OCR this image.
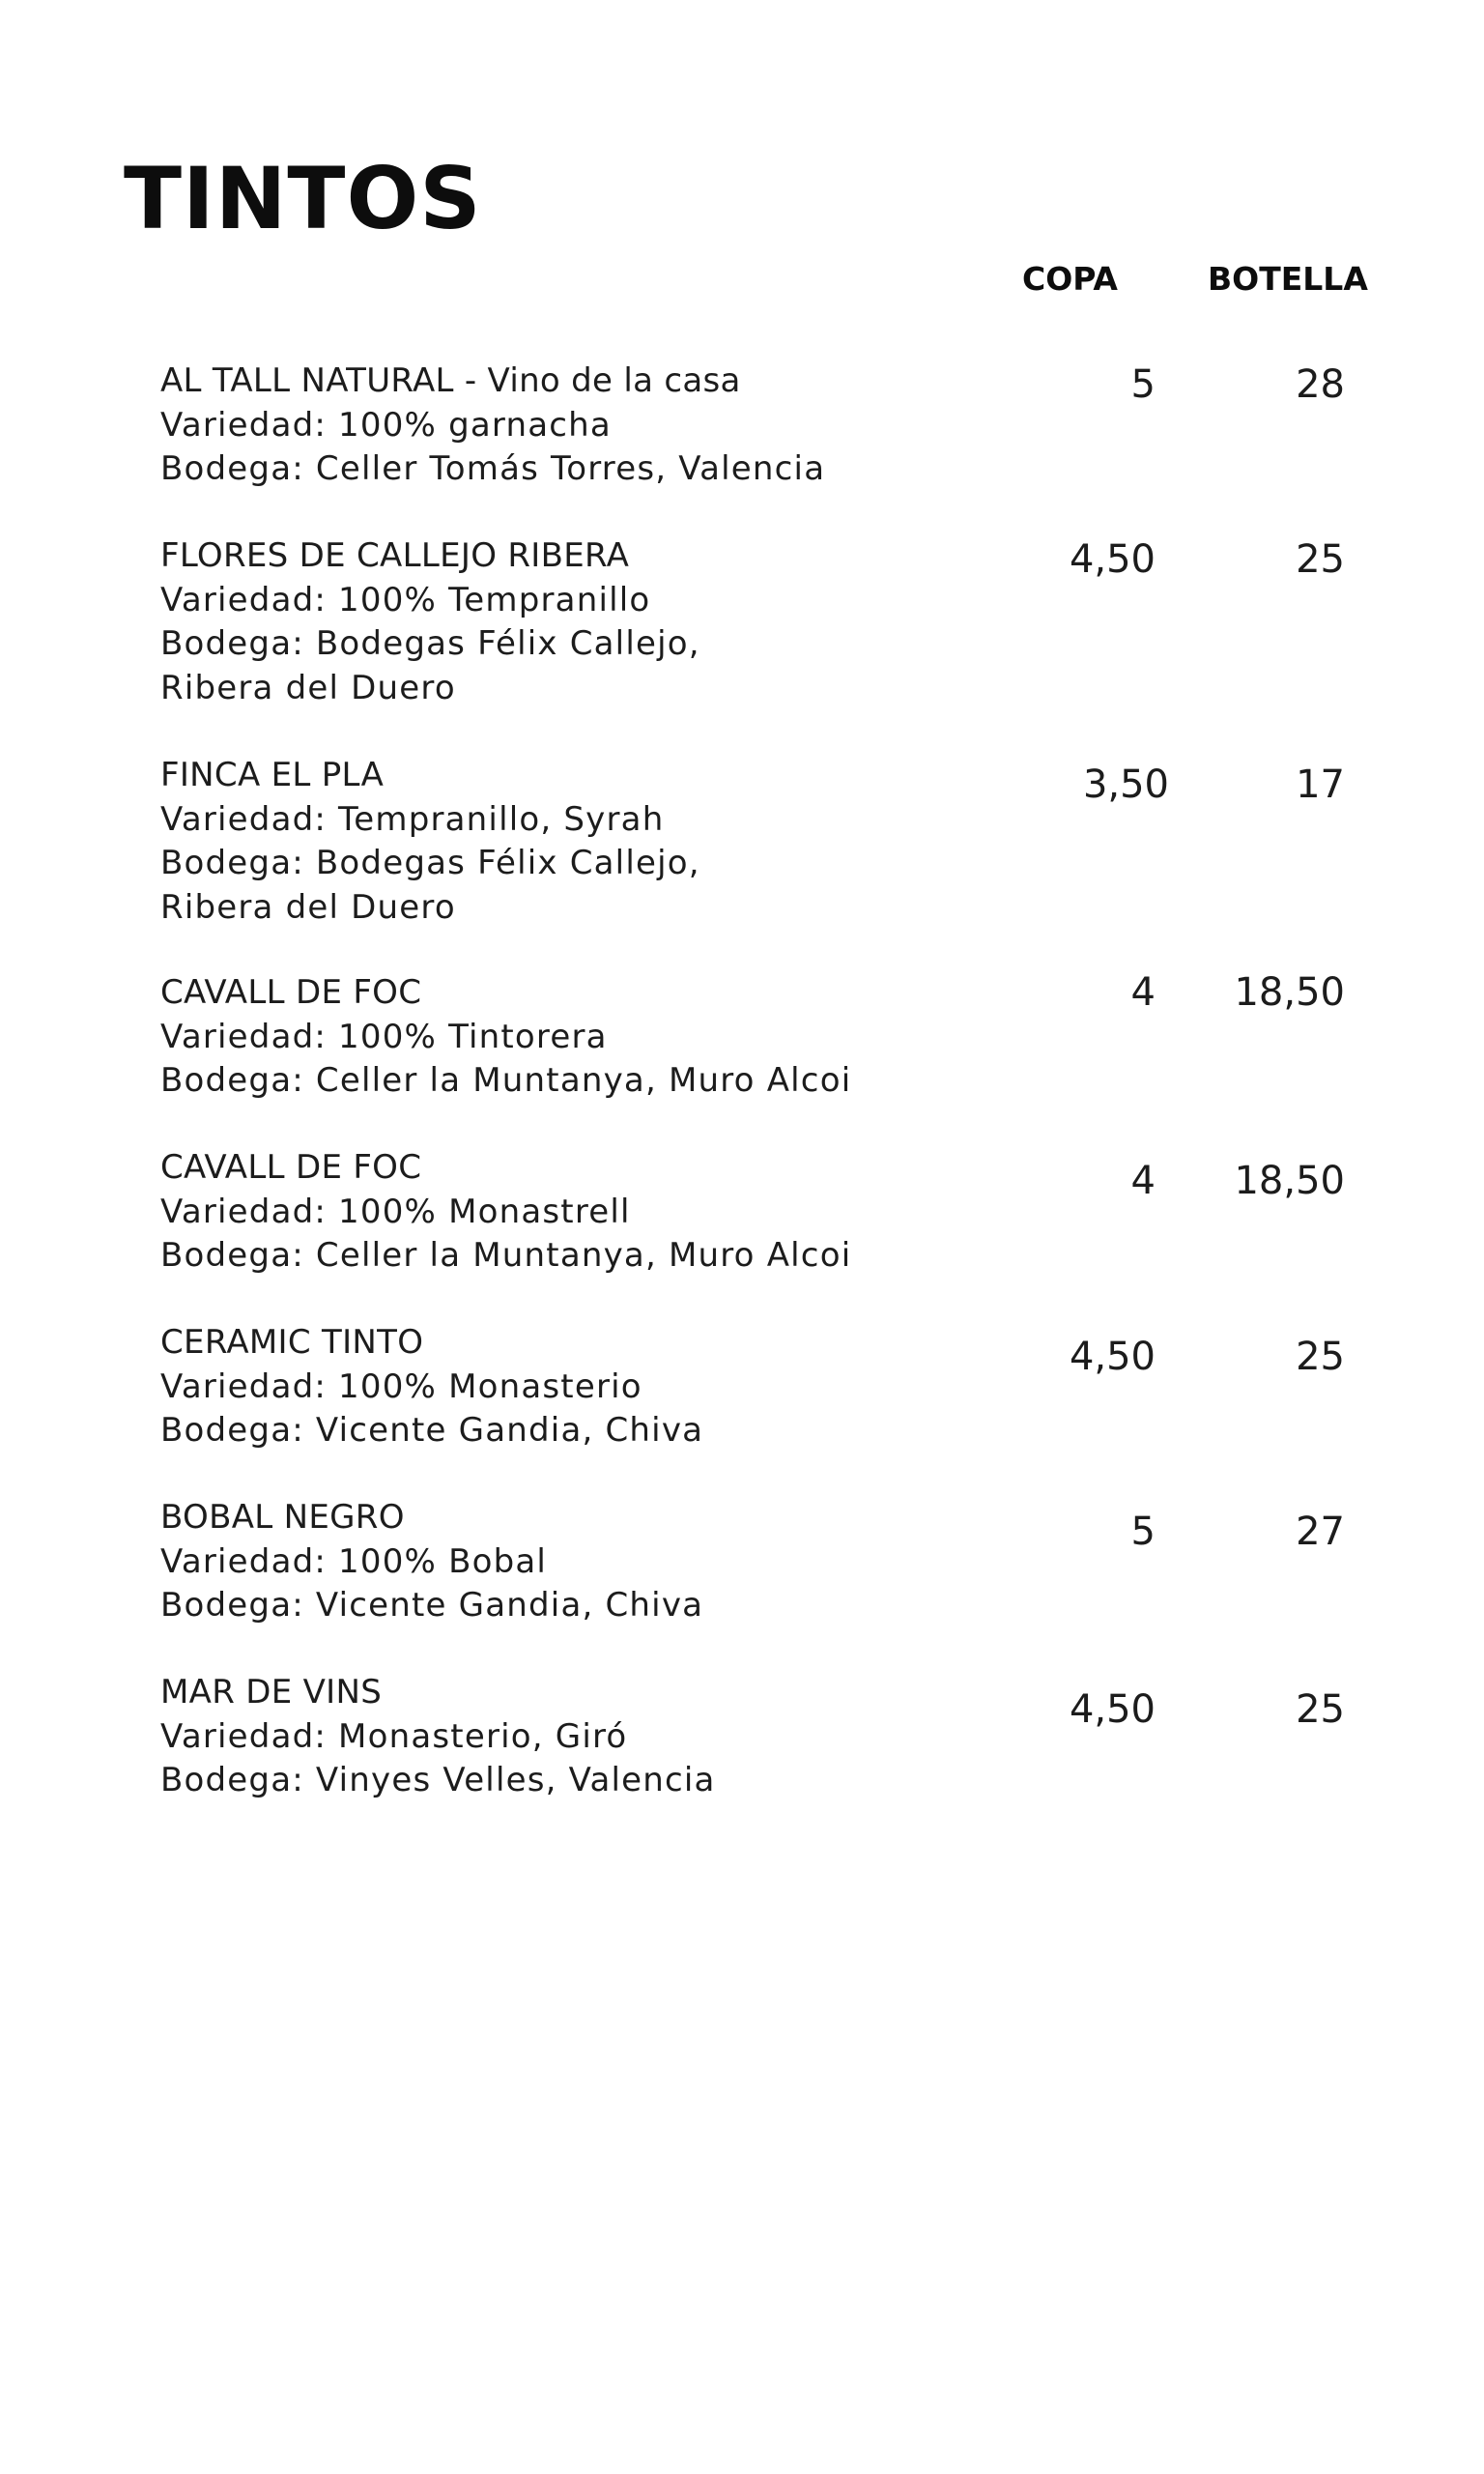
TINTOS
COPA	BOTELLA
AL TALL NATURAL - Vino de la casa
Variedad: 100% garnacha
Bodega: Celler Tomás Torres, Valencia
5	28
FLORES DE CALLEJO RIBERA
Variedad: 100% Tempranillo
Bodega: Bodegas Félix Callejo,
Ribera del Duero
4,50	25
FINCA EL PLA
Variedad: Tempranillo, Syrah
Bodega: Bodegas Félix Callejo,
Ribera del Duero
3,50	17
CAVALL DE FOC
Variedad: 100% Tintorera
Bodega: Celler la Muntanya, Muro Alcoi
4 18,50
CAVALL DE FOC
Variedad: 100% Monastrell
Bodega: Celler la Muntanya, Muro Alcoi
4 18,50
CERAMIC TINTO
Variedad: 100% Monasterio
Bodega: Vicente Gandia, Chiva
4,50	25
BOBAL NEGRO
Variedad: 100% Bobal
Bodega: Vicente Gandia, Chiva
5	27
MAR DE VINS
Variedad: Monasterio, Giró
Bodega: Vinyes Velles, Valencia
4,50	25
